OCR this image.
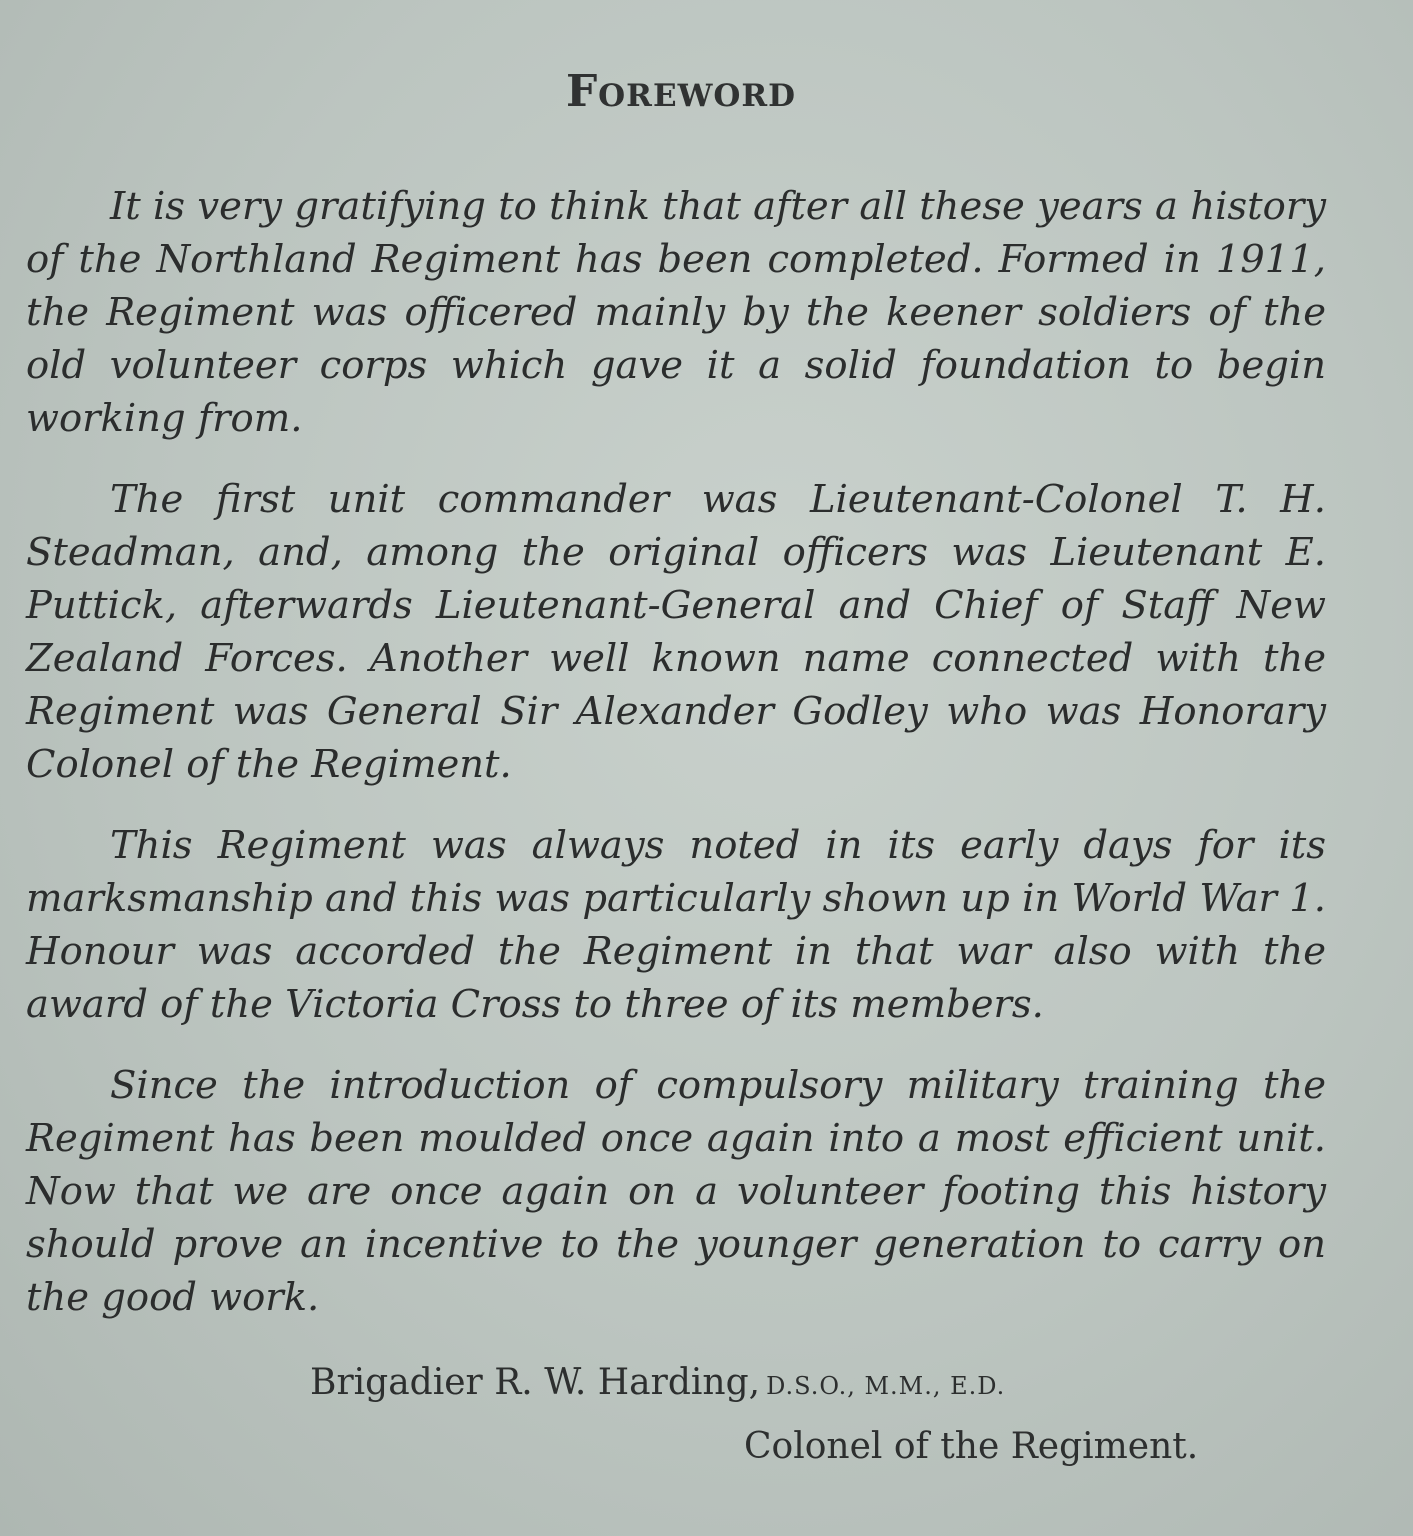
Foreword

It is very gratifying to think that after all these years a history of the Northland Regiment has been completed. Formed in 1911, the Regiment was officered mainly by the keener soldiers of the old volunteer corps which gave it a solid foundation to begin working from.

The first unit commander was Lieutenant-Colonel T. H. Steadman, and, among the original officers was Lieutenant E. Puttick, afterwards Lieutenant-General and Chief of Staff New Zealand Forces. Another well known name connected with the Regiment was General Sir Alexander Godley who was Honorary Colonel of the Regiment.

This Regiment was always noted in its early days for its marksmanship and this was particularly shown up in World War 1. Honour was accorded the Regiment in that war also with the award of the Victoria Cross to three of its members.

Since the introduction of compulsory military training the Regiment has been moulded once again into a most efficient unit. Now that we are once again on a volunteer footing this history should prove an incentive to the younger generation to carry on the good work.

Brigadier R. W. Harding, D.S.O., M.M., E.D.
Colonel of the Regiment.
